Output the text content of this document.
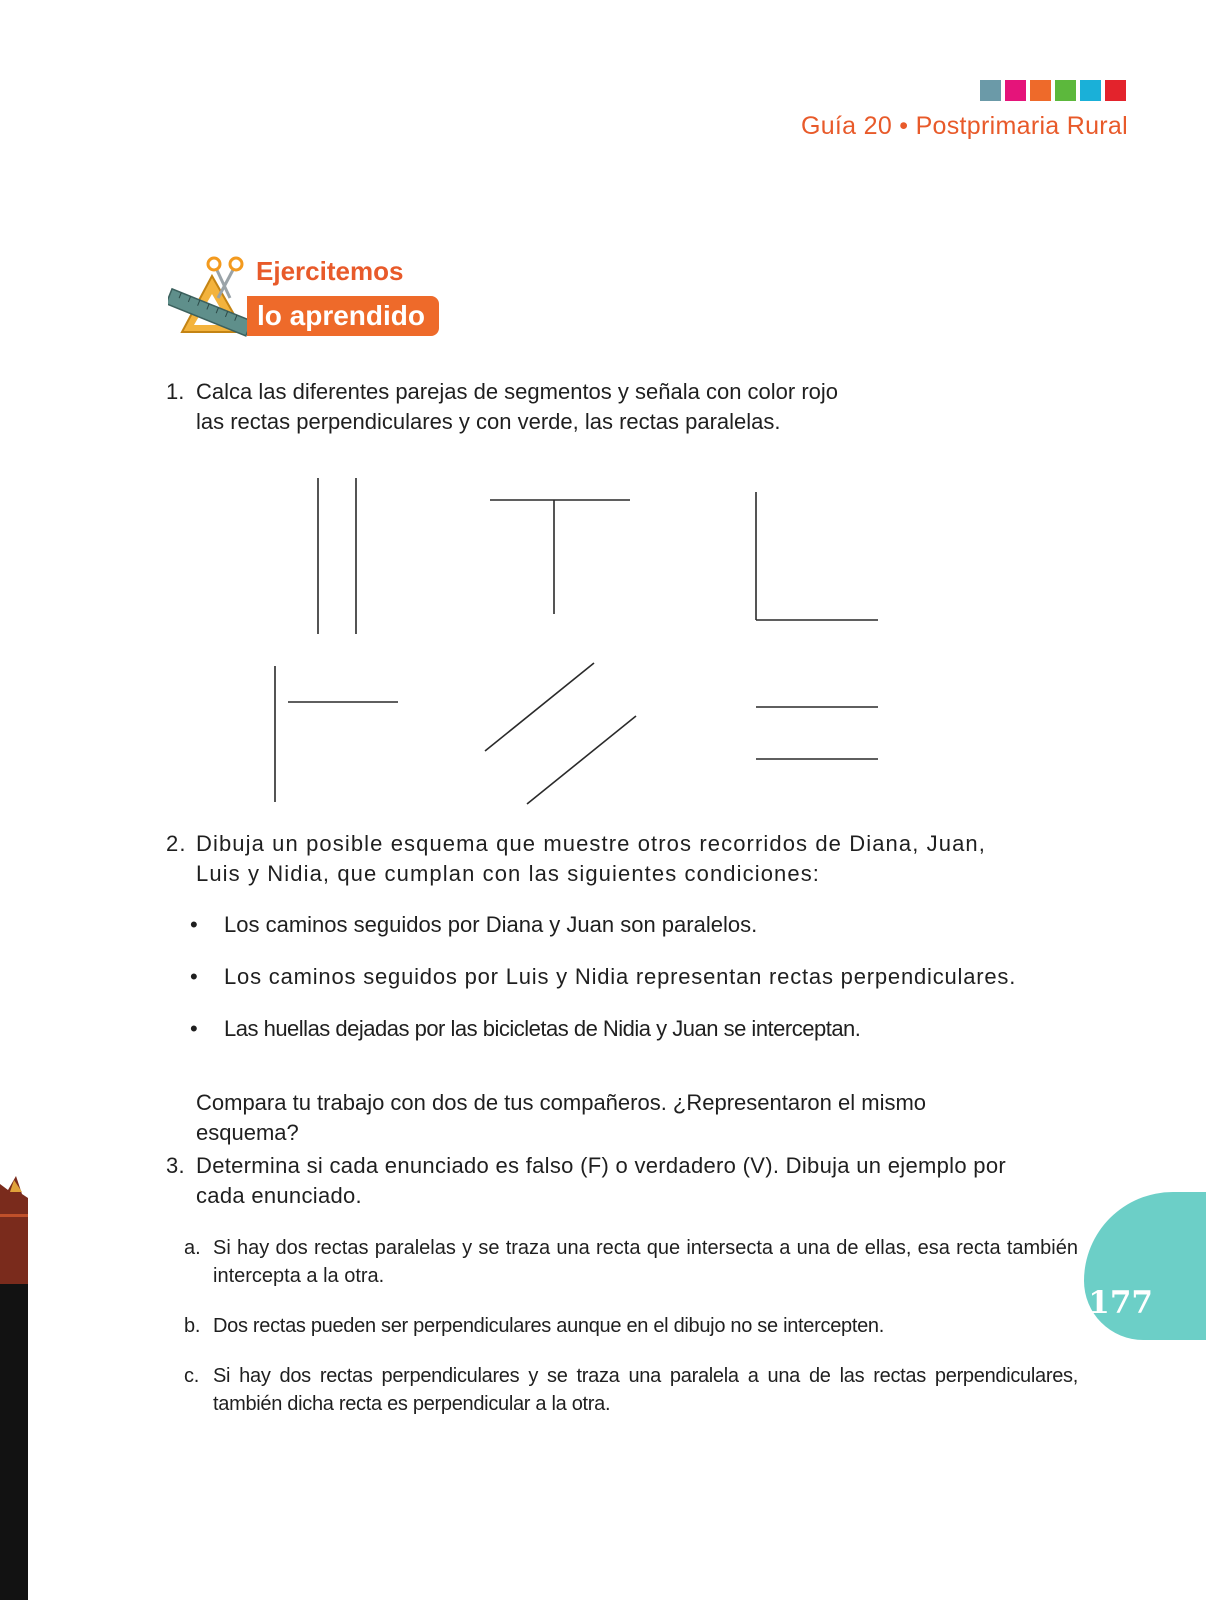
Guía 20 • Postprimaria Rural
Ejercitemos
lo aprendido
1. Calca las diferentes parejas de segmentos y señala con color rojo
las rectas perpendiculares y con verde, las rectas paralelas.
2. Dibuja un posible esquema que muestre otros recorridos de Diana, Juan,
Luis y Nidia, que cumplan con las siguientes condiciones:
• Los caminos seguidos por Diana y Juan son paralelos.
• Los caminos seguidos por Luis y Nidia representan rectas perpendiculares.
• Las huellas dejadas por las bicicletas de Nidia y Juan se interceptan.
Compara tu trabajo con dos de tus compañeros. ¿Representaron el mismo
esquema?
3. Determina si cada enunciado es falso (F) o verdadero (V). Dibuja un ejemplo por
cada enunciado.
a. Si hay dos rectas paralelas y se traza una recta que intersecta a una de ellas, esa recta también intercepta a la otra.
b. Dos rectas pueden ser perpendiculares aunque en el dibujo no se intercepten.
c. Si hay dos rectas perpendiculares y se traza una paralela a una de las rectas perpendiculares, también dicha recta es perpendicular a la otra.
177
